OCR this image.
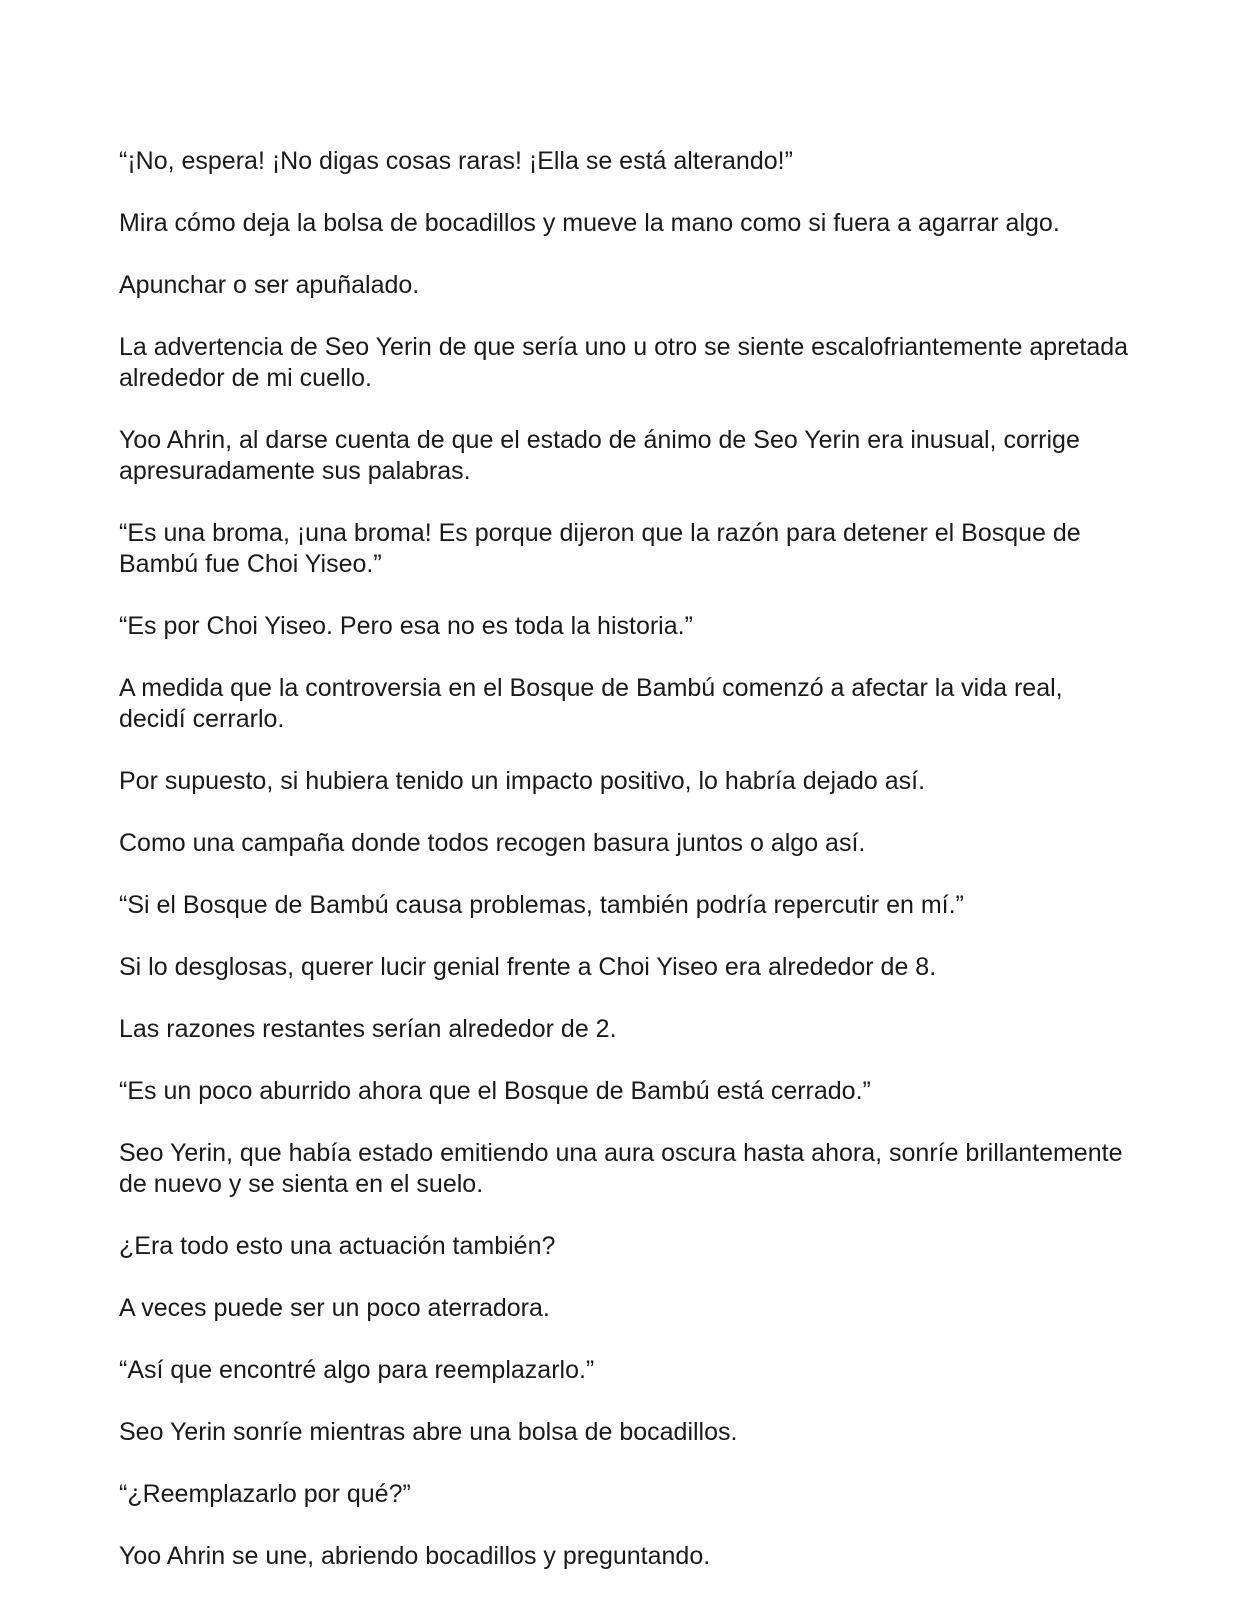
“¡No, espera! ¡No digas cosas raras! ¡Ella se está alterando!”

Mira cómo deja la bolsa de bocadillos y mueve la mano como si fuera a agarrar algo.

Apunchar o ser apuñalado.

La advertencia de Seo Yerin de que sería uno u otro se siente escalofriantemente apretada alrededor de mi cuello.

Yoo Ahrin, al darse cuenta de que el estado de ánimo de Seo Yerin era inusual, corrige apresuradamente sus palabras.

“Es una broma, ¡una broma! Es porque dijeron que la razón para detener el Bosque de Bambú fue Choi Yiseo.”

“Es por Choi Yiseo. Pero esa no es toda la historia.”

A medida que la controversia en el Bosque de Bambú comenzó a afectar la vida real, decidí cerrarlo.

Por supuesto, si hubiera tenido un impacto positivo, lo habría dejado así.

Como una campaña donde todos recogen basura juntos o algo así.

“Si el Bosque de Bambú causa problemas, también podría repercutir en mí.”

Si lo desglosas, querer lucir genial frente a Choi Yiseo era alrededor de 8.

Las razones restantes serían alrededor de 2.

“Es un poco aburrido ahora que el Bosque de Bambú está cerrado.”

Seo Yerin, que había estado emitiendo una aura oscura hasta ahora, sonríe brillantemente de nuevo y se sienta en el suelo.

¿Era todo esto una actuación también?

A veces puede ser un poco aterradora.

“Así que encontré algo para reemplazarlo.”

Seo Yerin sonríe mientras abre una bolsa de bocadillos.

“¿Reemplazarlo por qué?”

Yoo Ahrin se une, abriendo bocadillos y preguntando.
